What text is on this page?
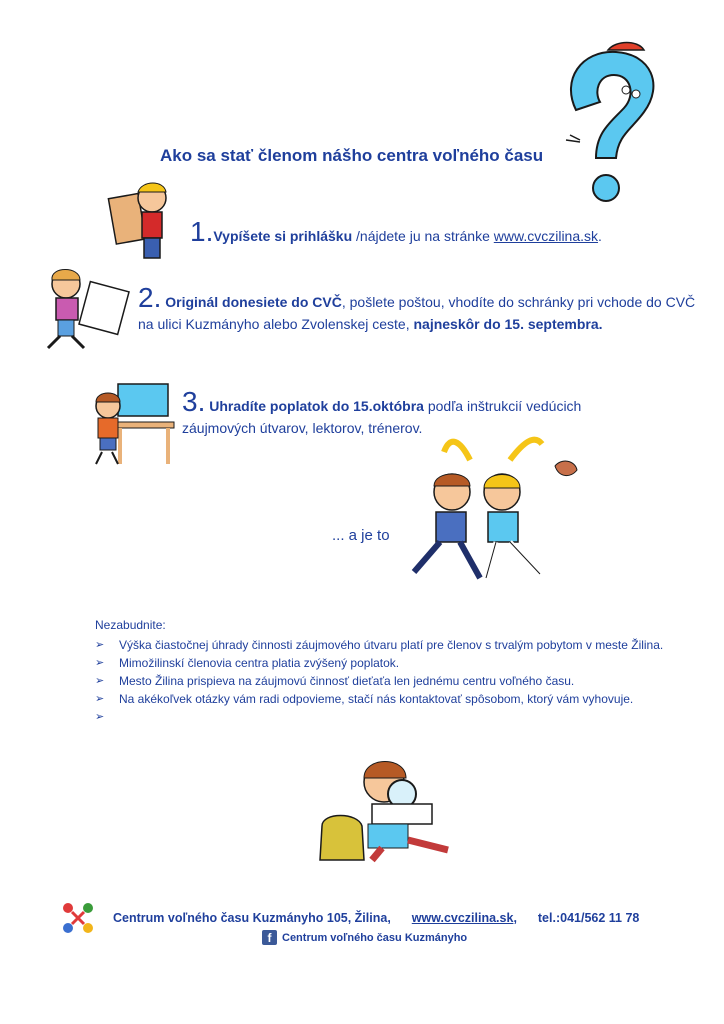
Ako sa stať členom nášho centra voľného času
1.Vypíšete si prihlášku /nájdete ju na stránke www.cvczilina.sk.
2. Originál donesiete do CVČ, pošlete poštou, vhodíte do schránky pri vchode do CVČ na ulici Kuzmányho alebo Zvolenskej ceste, najneskôr do 15. septembra.
3. Uhradíte poplatok do 15.októbra podľa inštrukcií vedúcich záujmových útvarov, lektorov, trénerov.
... a je to
Nezabudnite:
➢ Výška čiastočnej úhrady činnosti záujmového útvaru platí pre členov s trvalým pobytom v meste Žilina.
➢ Mimožilinskí členovia centra platia zvýšený poplatok.
➢ Mesto Žilina prispieva na záujmovú činnosť dieťaťa len jednému centru voľného času.
➢ Na akékoľvek otázky vám radi odpovieme, stačí nás kontaktovať spôsobom, ktorý vám vyhovuje.
➢
Centrum voľného času Kuzmányho 105, Žilina, www.cvczilina.sk, tel.:041/562 11 78
f Centrum voľného času Kuzmányho
